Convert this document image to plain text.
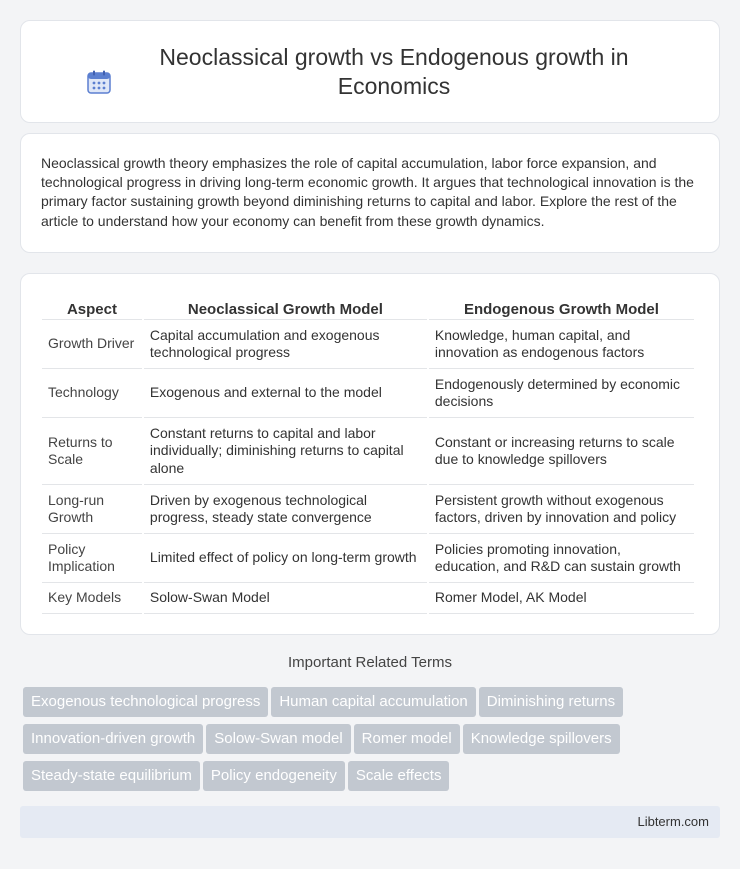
Neoclassical growth vs Endogenous growth in Economics

Neoclassical growth theory emphasizes the role of capital accumulation, labor force expansion, and technological progress in driving long-term economic growth. It argues that technological innovation is the primary factor sustaining growth beyond diminishing returns to capital and labor. Explore the rest of the article to understand how your economy can benefit from these growth dynamics.

Aspect	Neoclassical Growth Model	Endogenous Growth Model
Growth Driver	Capital accumulation and exogenous technological progress	Knowledge, human capital, and innovation as endogenous factors
Technology	Exogenous and external to the model	Endogenously determined by economic decisions
Returns to Scale	Constant returns to capital and labor individually; diminishing returns to capital alone	Constant or increasing returns to scale due to knowledge spillovers
Long-run Growth	Driven by exogenous technological progress, steady state convergence	Persistent growth without exogenous factors, driven by innovation and policy
Policy Implication	Limited effect of policy on long-term growth	Policies promoting innovation, education, and R&D can sustain growth
Key Models	Solow-Swan Model	Romer Model, AK Model
Important Related Terms
Exogenous technological progress Human capital accumulation Diminishing returns
Innovation-driven growth Solow-Swan model Romer model Knowledge spillovers
Steady-state equilibrium Policy endogeneity Scale effects
Libterm.com
